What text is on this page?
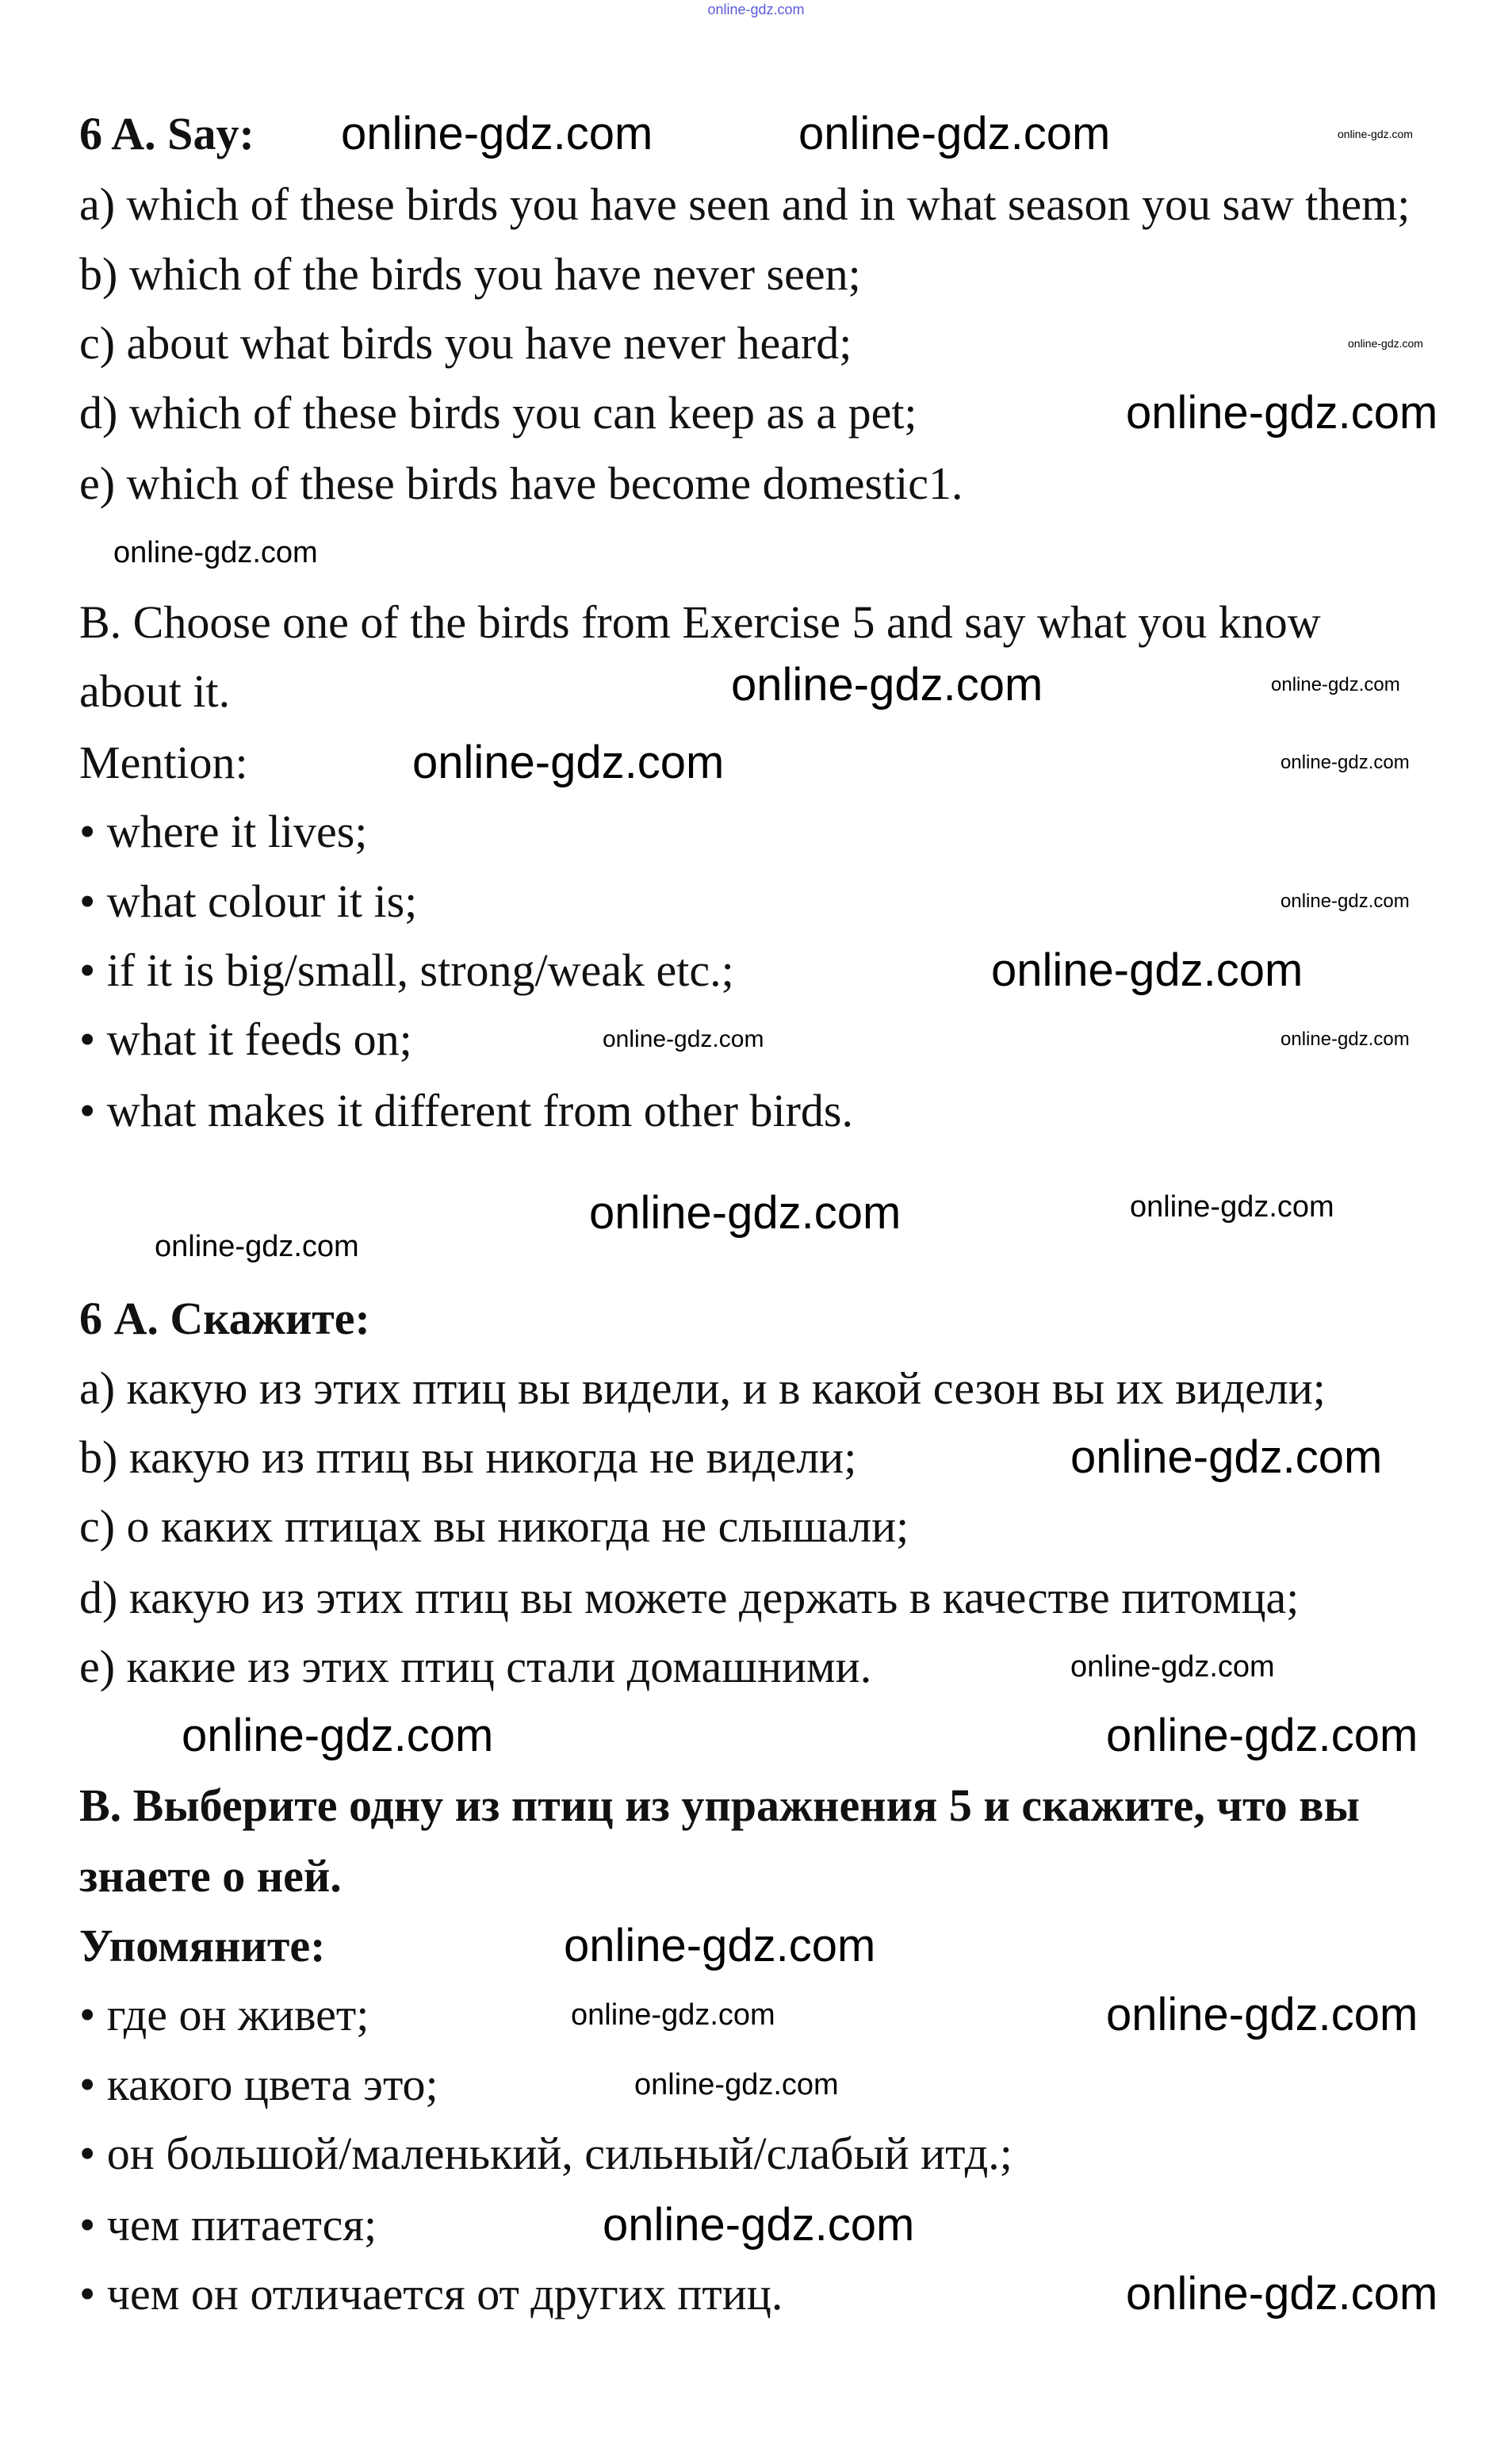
6 A. Say:
a) which of these birds you have seen and in what season you saw them;
b) which of the birds you have never seen;
c) about what birds you have never heard;
d) which of these birds you can keep as a pet;
e) which of these birds have become domestic1.
B. Choose one of the birds from Exercise 5 and say what you know
about it.
Mention:
• where it lives;
• what colour it is;
• if it is big/small, strong/weak etc.;
• what it feeds on;
• what makes it different from other birds.
6 А. Скажите:
а) какую из этих птиц вы видели, и в какой сезон вы их видели;
b) какую из птиц вы никогда не видели;
c) о каких птицах вы никогда не слышали;
d) какую из этих птиц вы можете держать в качестве питомца;
e) какие из этих птиц стали домашними.
В. Выберите одну из птиц из упражнения 5 и скажите, что вы
знаете о ней.
Упомяните:
• где он живет;
• какого цвета это;
• он большой/маленький, сильный/слабый итд.;
• чем питается;
• чем он отличается от других птиц.
online-gdz.com
online-gdz.com	online-gdz.com	online-gdz.com
online-gdz.com
online-gdz.com
online-gdz.com
online-gdz.com	online-gdz.com
online-gdz.com	online-gdz.com
online-gdz.com
online-gdz.com
online-gdz.com
online-gdz.com
online-gdz.com	online-gdz.com
online-gdz.com
online-gdz.com
online-gdz.com
online-gdz.com	online-gdz.com
online-gdz.com
online-gdz.com
online-gdz.com
online-gdz.com
online-gdz.com
online-gdz.com
